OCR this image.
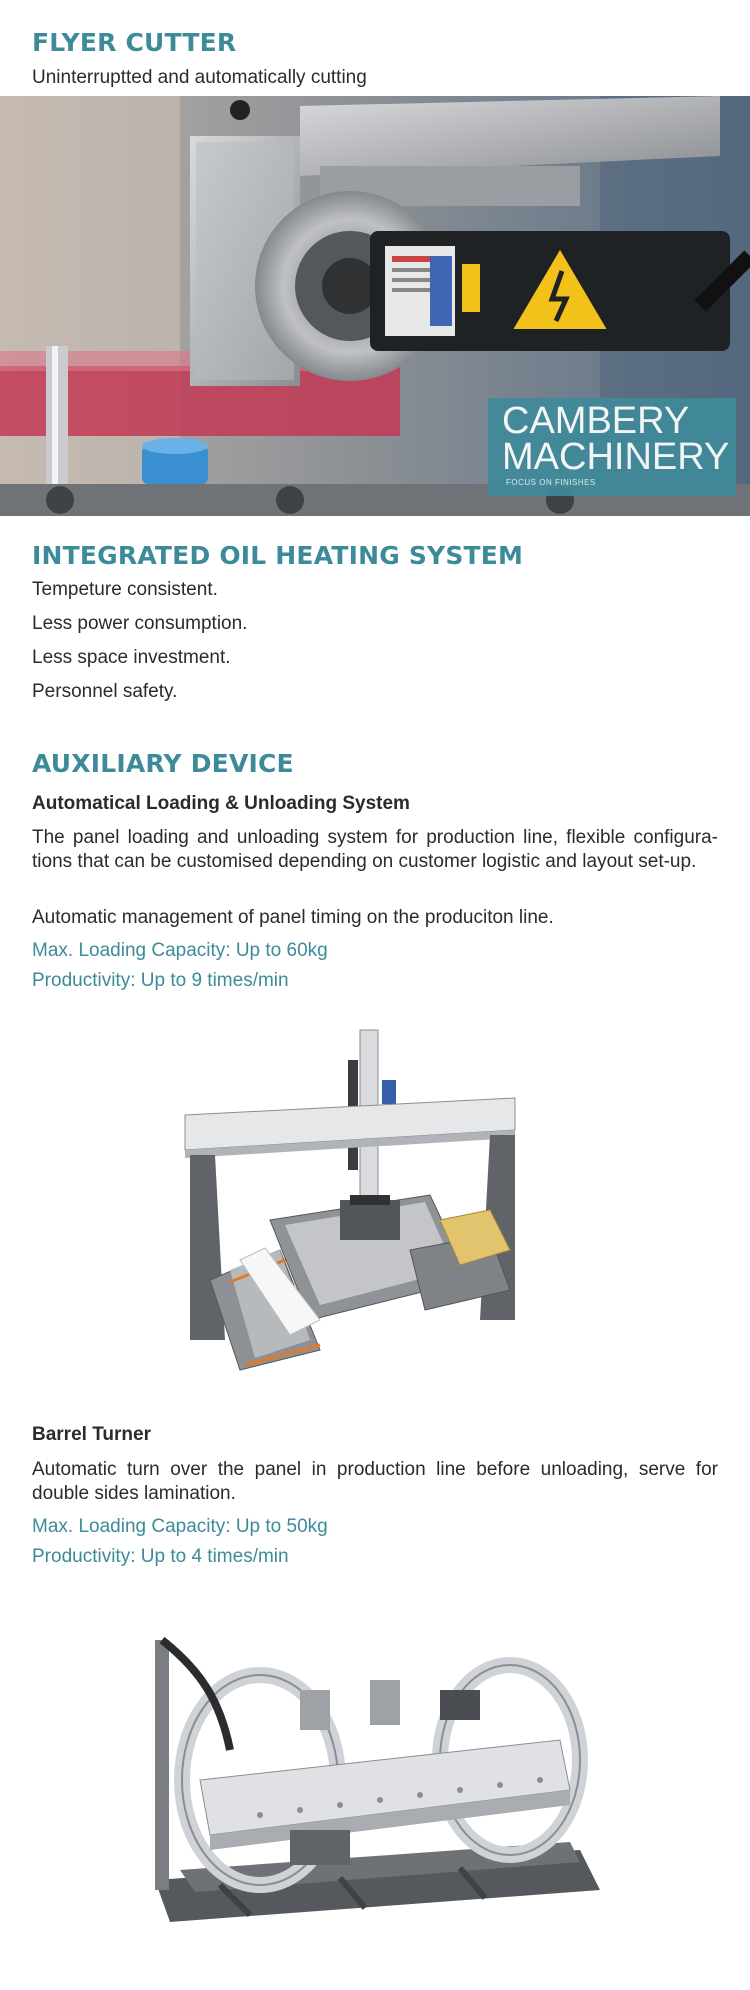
FLYER CUTTER

Uninterruptted and automatically cutting

CAMBERY
MACHINERY
FOCUS ON FINISHES
INTEGRATED OIL HEATING SYSTEM

Tempeture consistent.

Less power consumption.

Less space investment.

Personnel safety.

AUXILIARY DEVICE

Automatical Loading & Unloading System

The panel loading and unloading system for production line, flexible configura-tions that can be customised depending on customer logistic and layout set-up.

Automatic management of panel timing on the produciton line.

Max. Loading Capacity: Up to 60kg

Productivity: Up to 9 times/min

Barrel Turner

Automatic turn over the panel in production line before unloading, serve for double sides lamination.

Max. Loading Capacity: Up to 50kg

Productivity: Up to 4 times/min
